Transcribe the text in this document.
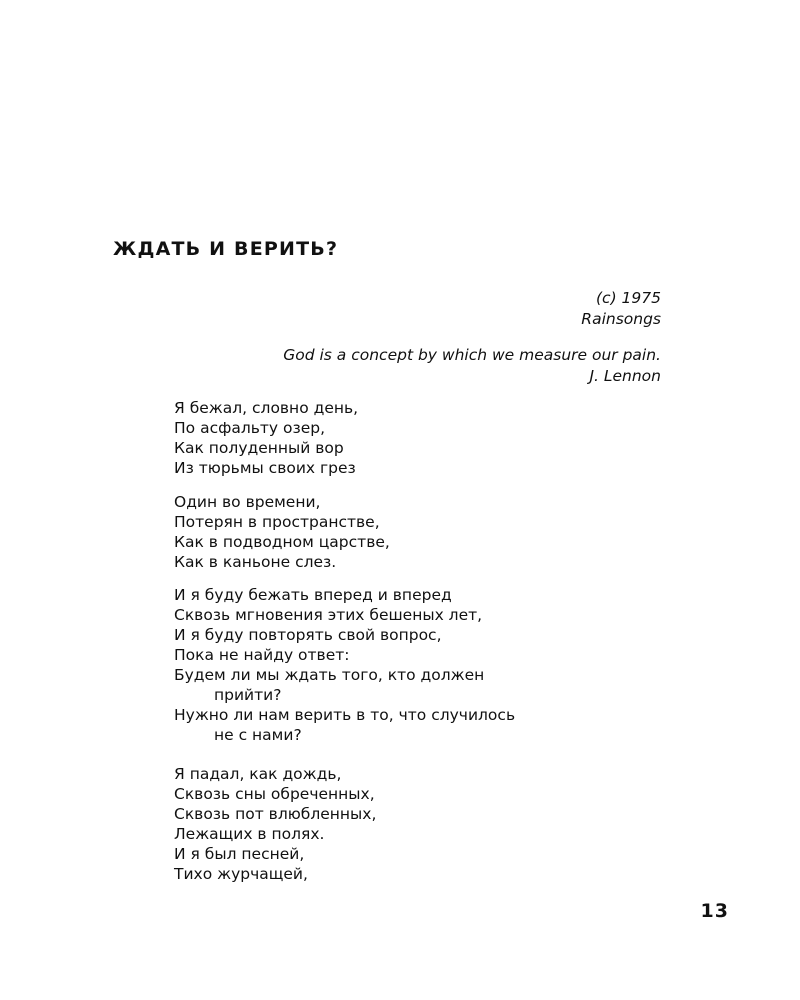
ЖДАТЬ И ВЕРИТЬ?
(c) 1975
Rainsongs
God is a concept by which we measure our pain.
J. Lennon
Я бежал, словно день,
По асфальту озер,
Как полуденный вор
Из тюрьмы своих грез
Один во времени,
Потерян в пространстве,
Как в подводном царстве,
Как в каньоне слез.
И я буду бежать вперед и вперед
Сквозь мгновения этих бешеных лет,
И я буду повторять свой вопрос,
Пока не найду ответ:
Будем ли мы ждать того, кто должен
прийти?
Нужно ли нам верить в то, что случилось
не с нами?
Я падал, как дождь,
Сквозь сны обреченных,
Сквозь пот влюбленных,
Лежащих в полях.
И я был песней,
Тихо журчащей,
13
